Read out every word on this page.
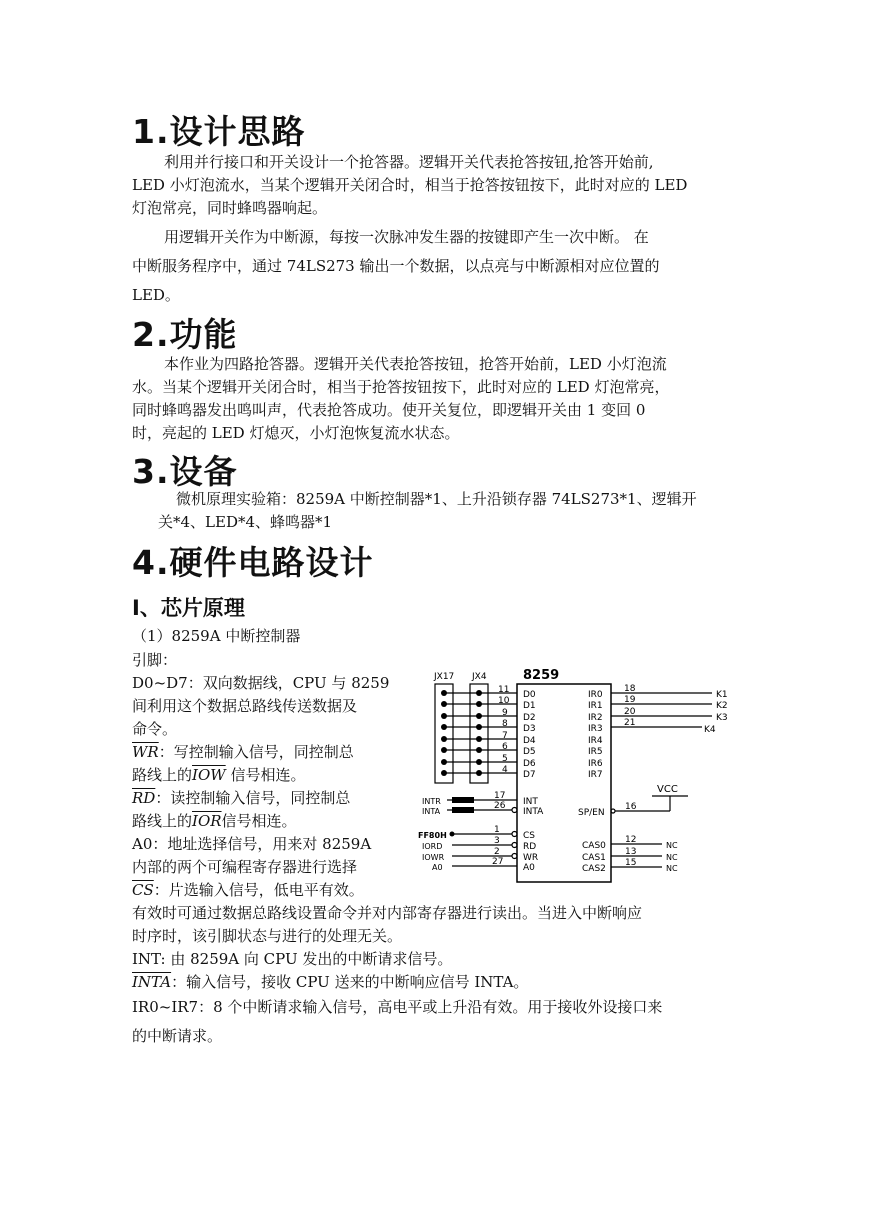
1.设计思路

利用并行接口和开关设计一个抢答器。逻辑开关代表抢答按钮,抢答开始前,

LED 小灯泡流水，当某个逻辑开关闭合时，相当于抢答按钮按下，此时对应的 LED

灯泡常亮，同时蜂鸣器响起。

用逻辑开关作为中断源，每按一次脉冲发生器的按键即产生一次中断。 在

中断服务程序中，通过 74LS273 输出一个数据，以点亮与中断源相对应位置的

LED。

2.功能

本作业为四路抢答器。逻辑开关代表抢答按钮，抢答开始前，LED 小灯泡流

水。当某个逻辑开关闭合时，相当于抢答按钮按下，此时对应的 LED 灯泡常亮，

同时蜂鸣器发出鸣叫声，代表抢答成功。使开关复位，即逻辑开关由 1 变回 0

时，亮起的 LED 灯熄灭，小灯泡恢复流水状态。

3.设备

微机原理实验箱：8259A 中断控制器*1、上升沿锁存器 74LS273*1、逻辑开

关*4、LED*4、蜂鸣器*1

4.硬件电路设计
I、芯片原理

（1）8259A 中断控制器

引脚：

D0~D7：双向数据线，CPU 与 8259

间利用这个数据总路线传送数据及

命令。

$\overline{WR}$：写控制输入信号，同控制总

路线上的$\overline{IOW}$ 信号相连。

$\overline{RD}$：读控制输入信号，同控制总

路线上的$\overline{IOR}$信号相连。

A0：地址选择信号，用来对 8259A

内部的两个可编程寄存器进行选择

$\overline{CS}$：片选输入信号，低电平有效。

有效时可通过数据总路线设置命令并对内部寄存器进行读出。当进入中断响应

时序时，该引脚状态与进行的处理无关。

INT: 由 8259A 向 CPU 发出的中断请求信号。

INTA：输入信号，接收 CPU 送来的中断响应信号 INTA。

IR0~IR7：8 个中断请求输入信号，高电平或上升沿有效。用于接收外设接口来

的中断请求。

JX17 JX4	8259
11
10
9
8
7
6
5
4
D0
D1
D2
D3
D4
D5
D6
D7
IR0
IR1
IR2
IR3
IR4
IR5
IR6
IR7
18
19
20
21
K1
K2
K3
K4
INTR
17
INT
INTA
26
INTA	SP/EN
16
VCC
FF80H
1
CS
IORD
3
RD
IOWR
2
WR
A0
27
A0
12
13
15
CAS0
CAS1
CAS2
NC
NC
NC
